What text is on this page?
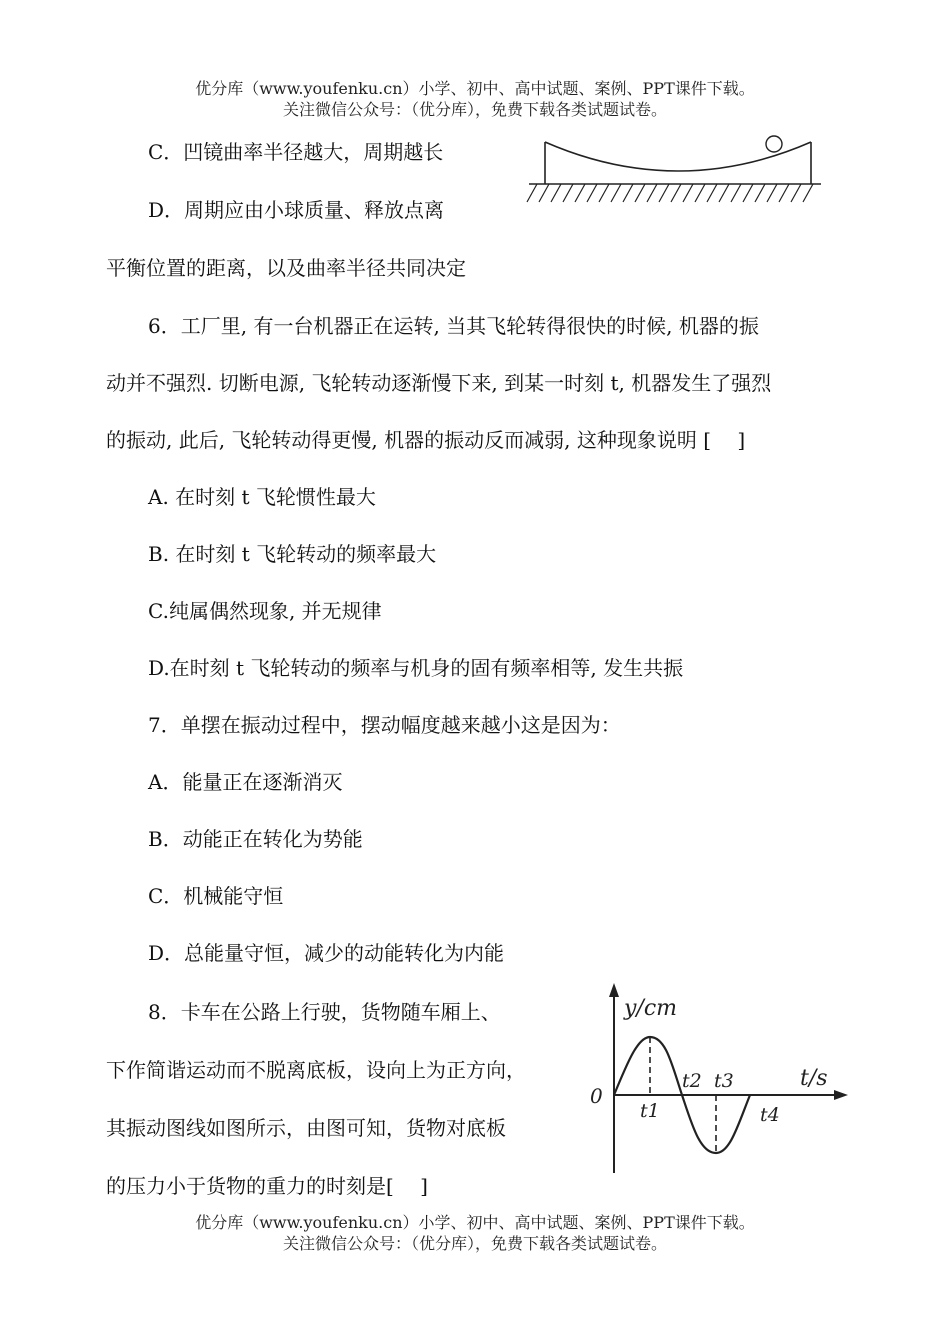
优分库（www.youfenku.cn）小学、初中、高中试题、案例、PPT课件下载。
关注微信公众号：（优分库），免费下载各类试题试卷。
C．凹镜曲率半径越大，周期越长
D．周期应由小球质量、释放点离
平衡位置的距离，以及曲率半径共同决定
6．工厂里, 有一台机器正在运转, 当其飞轮转得很快的时候, 机器的振
动并不强烈. 切断电源, 飞轮转动逐渐慢下来, 到某一时刻 t, 机器发生了强烈
的振动, 此后, 飞轮转动得更慢, 机器的振动反而减弱, 这种现象说明 [　 ]
A. 在时刻 t 飞轮惯性最大
B. 在时刻 t 飞轮转动的频率最大
C.纯属偶然现象, 并无规律
D.在时刻 t 飞轮转动的频率与机身的固有频率相等, 发生共振
7．单摆在振动过程中，摆动幅度越来越小这是因为：
A．能量正在逐渐消灭
B．动能正在转化为势能
C．机械能守恒
D．总能量守恒，减少的动能转化为内能
8．卡车在公路上行驶，货物随车厢上、
下作简谐运动而不脱离底板，设向上为正方向，
其振动图线如图所示，由图可知，货物对底板
的压力小于货物的重力的时刻是[　 ]
y/cm
t/s
0
t1
t2 t3
t4
优分库（www.youfenku.cn）小学、初中、高中试题、案例、PPT课件下载。
关注微信公众号：（优分库），免费下载各类试题试卷。
